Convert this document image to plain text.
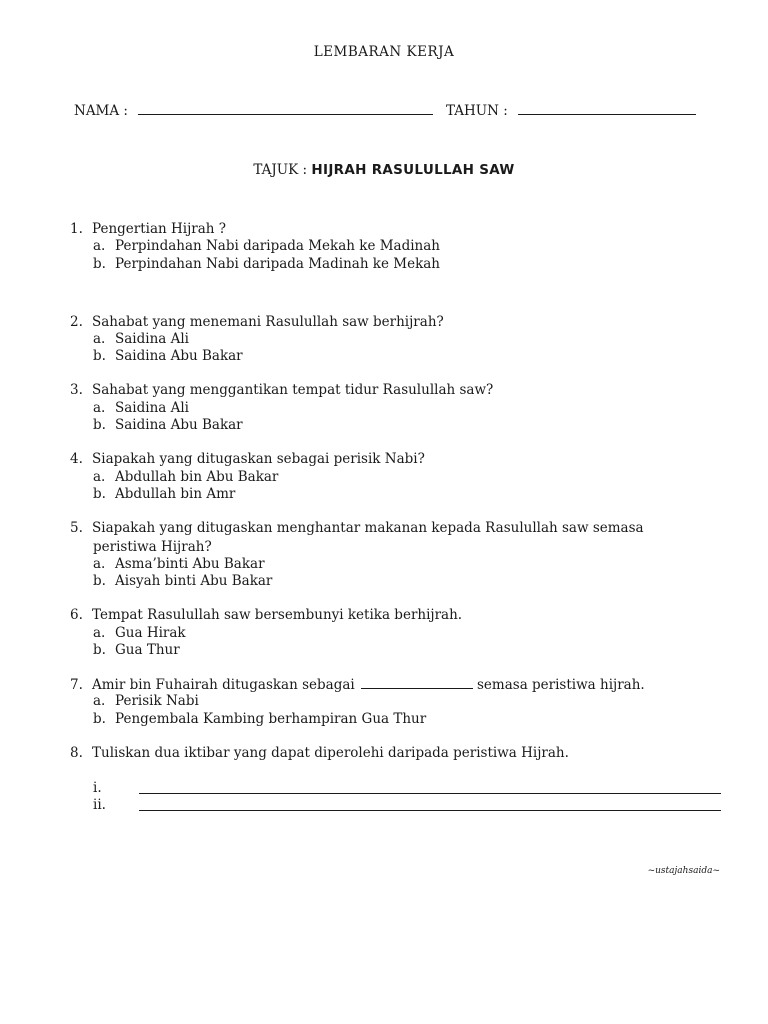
LEMBARAN KERJA
NAMA :	TAHUN :
TAJUK : HIJRAH RASULULLAH SAW
1. Pengertian Hijrah ?
a. Perpindahan Nabi daripada Mekah ke Madinah
b. Perpindahan Nabi daripada Madinah ke Mekah
2. Sahabat yang menemani Rasulullah saw berhijrah?
a. Saidina Ali
b. Saidina Abu Bakar
3. Sahabat yang menggantikan tempat tidur Rasulullah saw?
a. Saidina Ali
b. Saidina Abu Bakar
4. Siapakah yang ditugaskan sebagai perisik Nabi?
a. Abdullah bin Abu Bakar
b. Abdullah bin Amr
5. Siapakah yang ditugaskan menghantar makanan kepada Rasulullah saw semasa
peristiwa Hijrah?
a. Asma’binti Abu Bakar
b. Aisyah binti Abu Bakar
6. Tempat Rasulullah saw bersembunyi ketika berhijrah.
a. Gua Hirak
b. Gua Thur
7. Amir bin Fuhairah ditugaskan sebagai	semasa peristiwa hijrah.
a. Perisik Nabi
b. Pengembala Kambing berhampiran Gua Thur
8. Tuliskan dua iktibar yang dapat diperolehi daripada peristiwa Hijrah.
i.
ii.
~ustajahsaida~
